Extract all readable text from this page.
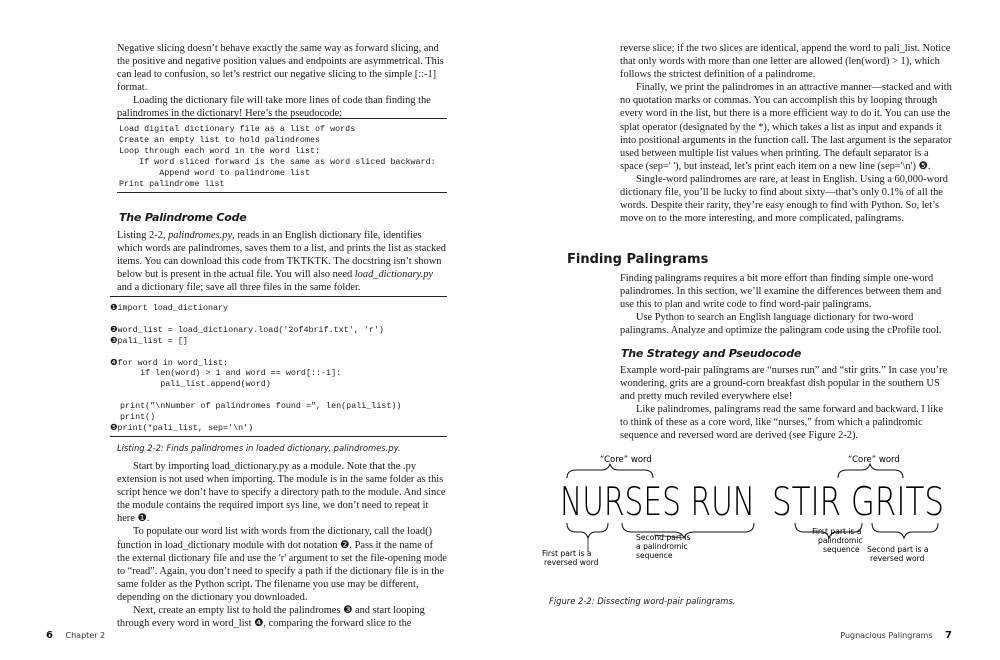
Negative slicing doesn’t behave exactly the same way as forward slicing, and the positive and negative position values and endpoints are asymmetrical. This can lead to confusion, so let’s restrict our negative slicing to the simple [::-1] format.

Loading the dictionary file will take more lines of code than finding the palindromes in the dictionary! Here’s the pseudocode:

Load digital dictionary file as a list of words
Create an empty list to hold palindromes
Loop through each word in the word list:
If word sliced forward is the same as word sliced backward:
Append word to palindrome list
Print palindrome list
The Palindrome Code

Listing 2-2, palindromes.py, reads in an English dictionary file, identifies which words are palindromes, saves them to a list, and prints the list as stacked items. You can download this code from TKTKTK. The docstring isn’t shown below but is present in the actual file. You will also need load_dictionary.py and a dictionary file; save all three files in the same folder.

❶import load_dictionary

❷word_list = load_dictionary.load('2of4brif.txt', 'r')
❸pali_list = []

❹for word in word_list:
if len(word) > 1 and word == word[::-1]:
pali_list.append(word)

print("\nNumber of palindromes found =", len(pali_list))
print()
❺print(*pali_list, sep='\n')
Listing 2-2: Finds palindromes in loaded dictionary, palindromes.py.

Start by importing load_dictionary.py as a module. Note that the .py extension is not used when importing. The module is in the same folder as this script hence we don’t have to specify a directory path to the module. And since the module contains the required import sys line, we don’t need to repeat it here ❶.

To populate our word list with words from the dictionary, call the load() function in load_dictionary module with dot notation ❷. Pass it the name of the external dictionary file and use the 'r' argument to set the file-opening mode to “read”. Again, you don’t need to specify a path if the dictionary file is in the same folder as the Python script. The filename you use may be different, depending on the dictionary you downloaded.

Next, create an empty list to hold the palindromes ❸ and start looping through every word in word_list ❹, comparing the forward slice to the

6 Chapter 2

reverse slice; if the two slices are identical, append the word to pali_list. Notice that only words with more than one letter are allowed (len(word) > 1), which follows the strictest definition of a palindrome.

Finally, we print the palindromes in an attractive manner—stacked and with no quotation marks or commas. You can accomplish this by looping through every word in the list, but there is a more efficient way to do it. You can use the splat operator (designated by the *), which takes a list as input and expands it into positional arguments in the function call. The last argument is the separator used between multiple list values when printing. The default separator is a space (sep=' '), but instead, let’s print each item on a new line (sep='\n') ❺.

Single-word palindromes are rare, at least in English. Using a 60,000-word dictionary file, you’ll be lucky to find about sixty—that’s only 0.1% of all the words. Despite their rarity, they’re easy enough to find with Python. So, let’s move on to the more interesting, and more complicated, palingrams.

Finding Palingrams

Finding palingrams requires a bit more effort than finding simple one-word palindromes. In this section, we’ll examine the differences between them and use this to plan and write code to find word-pair palingrams.

Use Python to search an English language dictionary for two-word palingrams. Analyze and optimize the palingram code using the cProfile tool.

The Strategy and Pseudocode

Example word-pair palingrams are “nurses run” and “stir grits.” In case you’re wondering, grits are a ground-corn breakfast dish popular in the southern US and pretty much reviled everywhere else!

Like palindromes, palingrams read the same forward and backward. I like to think of these as a core word, like “nurses,” from which a palindromic sequence and reversed word are derived (see Figure 2-2).

“Core” word	“Core” word
NURSES RUN STIR GRITS
First part is a
reversed word
Second part is
a palindromic
sequence
First part is a
palindromic
sequence Second part is a
reversed word
Figure 2-2: Dissecting word-pair palingrams.
Pugnacious Palingrams 7
